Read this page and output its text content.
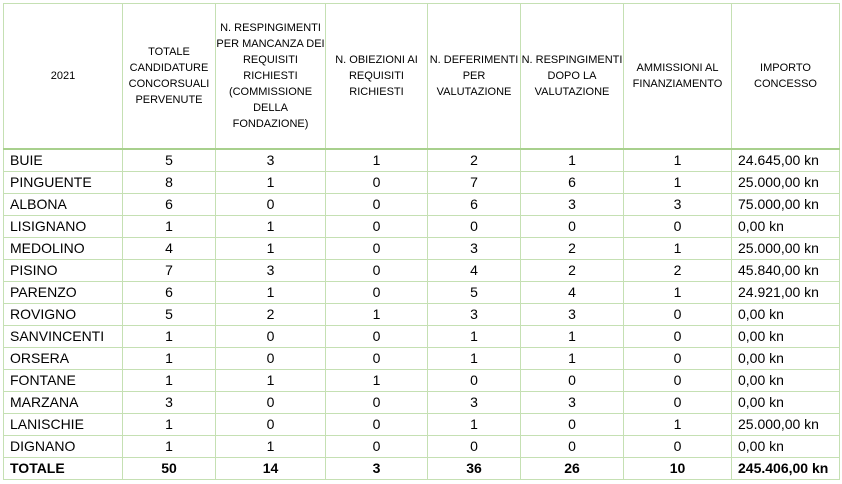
2021	TOTALE CANDIDATURE CONCORSUALI PERVENUTE	N. RESPINGIMENTI PER MANCANZA DEI REQUISITI RICHIESTI (COMMISSIONE DELLA FONDAZIONE)	N. OBIEZIONI AI REQUISITI RICHIESTI	N. DEFERIMENTI PER VALUTAZIONE	N. RESPINGIMENTI DOPO LA VALUTAZIONE	AMMISSIONI AL FINANZIAMENTO	IMPORTO CONCESSO
BUIE	5	3	1	2	1	1	24.645,00 kn
PINGUENTE	8	1	0	7	6	1	25.000,00 kn
ALBONA	6	0	0	6	3	3	75.000,00 kn
LISIGNANO	1	1	0	0	0	0	0,00 kn
MEDOLINO	4	1	0	3	2	1	25.000,00 kn
PISINO	7	3	0	4	2	2	45.840,00 kn
PARENZO	6	1	0	5	4	1	24.921,00 kn
ROVIGNO	5	2	1	3	3	0	0,00 kn
SANVINCENTI	1	0	0	1	1	0	0,00 kn
ORSERA	1	0	0	1	1	0	0,00 kn
FONTANE	1	1	1	0	0	0	0,00 kn
MARZANA	3	0	0	3	3	0	0,00 kn
LANISCHIE	1	0	0	1	0	1	25.000,00 kn
DIGNANO	1	1	0	0	0	0	0,00 kn
TOTALE	50	14	3	36	26	10	245.406,00 kn
